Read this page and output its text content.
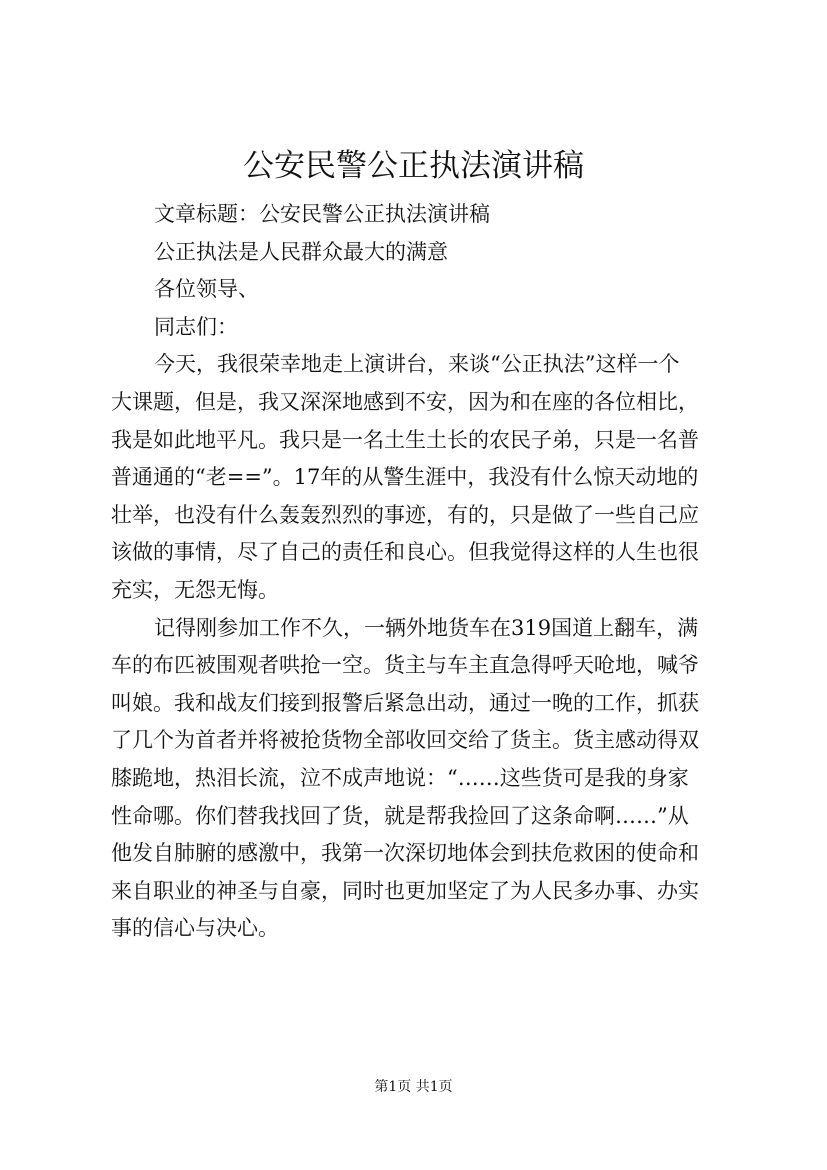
公安民警公正执法演讲稿
文章标题：公安民警公正执法演讲稿
公正执法是人民群众最大的满意
各位领导、
同志们：
今天，我很荣幸地走上演讲台，来谈“公正执法”这样一个
大课题，但是，我又深深地感到不安，因为和在座的各位相比，
我是如此地平凡。我只是一名土生土长的农民子弟，只是一名普
普通通的“老==”。17年的从警生涯中，我没有什么惊天动地的
壮举，也没有什么轰轰烈烈的事迹，有的，只是做了一些自己应
该做的事情，尽了自己的责任和良心。但我觉得这样的人生也很
充实，无怨无悔。
记得刚参加工作不久，一辆外地货车在319国道上翻车，满
车的布匹被围观者哄抢一空。货主与车主直急得呼天呛地，喊爷
叫娘。我和战友们接到报警后紧急出动，通过一晚的工作，抓获
了几个为首者并将被抢货物全部收回交给了货主。货主感动得双
膝跪地，热泪长流，泣不成声地说：“……这些货可是我的身家
性命哪。你们替我找回了货，就是帮我捡回了这条命啊……”从
他发自肺腑的感激中，我第一次深切地体会到扶危救困的使命和
来自职业的神圣与自豪，同时也更加坚定了为人民多办事、办实
事的信心与决心。
第1页 共1页
